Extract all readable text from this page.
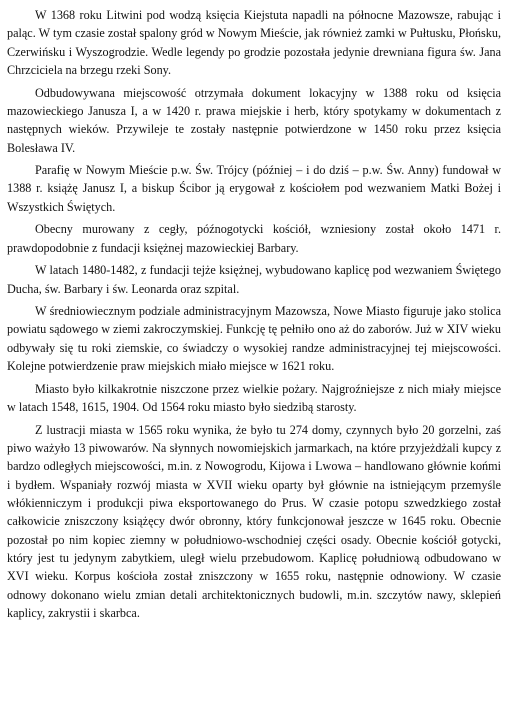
W 1368 roku Litwini pod wodzą księcia Kiejstuta napadli na północne Mazowsze, rabując i paląc. W tym czasie został spalony gród w Nowym Mieście, jak również zamki w Pułtusku, Płońsku, Czerwińsku i Wyszogrodzie. Wedle legendy po grodzie pozostała jedynie drewniana figura św. Jana Chrzciciela na brzegu rzeki Sony.

Odbudowywana miejscowość otrzymała dokument lokacyjny w 1388 roku od księcia mazowieckiego Janusza I, a w 1420 r. prawa miejskie i herb, który spotykamy w dokumentach z następnych wieków. Przywileje te zostały następnie potwierdzone w 1450 roku przez księcia Bolesława IV.

Parafię w Nowym Mieście p.w. Św. Trójcy (później – i do dziś – p.w. Św. Anny) fundował w 1388 r. książę Janusz I, a biskup Ścibor ją erygował z kościołem pod wezwaniem Matki Bożej i Wszystkich Świętych.

Obecny murowany z cegły, późnogotycki kościół, wzniesiony został około 1471 r. prawdopodobnie z fundacji księżnej mazowieckiej Barbary.

W latach 1480-1482, z fundacji tejże księżnej, wybudowano kaplicę pod wezwaniem Świętego Ducha, św. Barbary i św. Leonarda oraz szpital.

W średniowiecznym podziale administracyjnym Mazowsza, Nowe Miasto figuruje jako stolica powiatu sądowego w ziemi zakroczymskiej. Funkcję tę pełniło ono aż do zaborów. Już w XIV wieku odbywały się tu roki ziemskie, co świadczy o wysokiej randze administracyjnej tej miejscowości. Kolejne potwierdzenie praw miejskich miało miejsce w 1621 roku.

Miasto było kilkakrotnie niszczone przez wielkie pożary. Najgroźniejsze z nich miały miejsce w latach 1548, 1615, 1904. Od 1564 roku miasto było siedzibą starosty.

Z lustracji miasta w 1565 roku wynika, że było tu 274 domy, czynnych było 20 gorzelni, zaś piwo ważyło 13 piwowarów. Na słynnych nowomiejskich jarmarkach, na które przyjeżdżali kupcy z bardzo odległych miejscowości, m.in. z Nowogrodu, Kijowa i Lwowa – handlowano głównie końmi i bydłem. Wspaniały rozwój miasta w XVII wieku oparty był głównie na istniejącym przemyśle włókienniczym i produkcji piwa eksportowanego do Prus. W czasie potopu szwedzkiego został całkowicie zniszczony książęcy dwór obronny, który funkcjonował jeszcze w 1645 roku. Obecnie pozostał po nim kopiec ziemny w południowo-wschodniej części osady. Obecnie kościół gotycki, który jest tu jedynym zabytkiem, uległ wielu przebudowom. Kaplicę południową odbudowano w XVI wieku. Korpus kościoła został zniszczony w 1655 roku, następnie odnowiony. W czasie odnowy dokonano wielu zmian detali architektonicznych budowli, m.in. szczytów nawy, sklepień kaplicy, zakrystii i skarbca.
